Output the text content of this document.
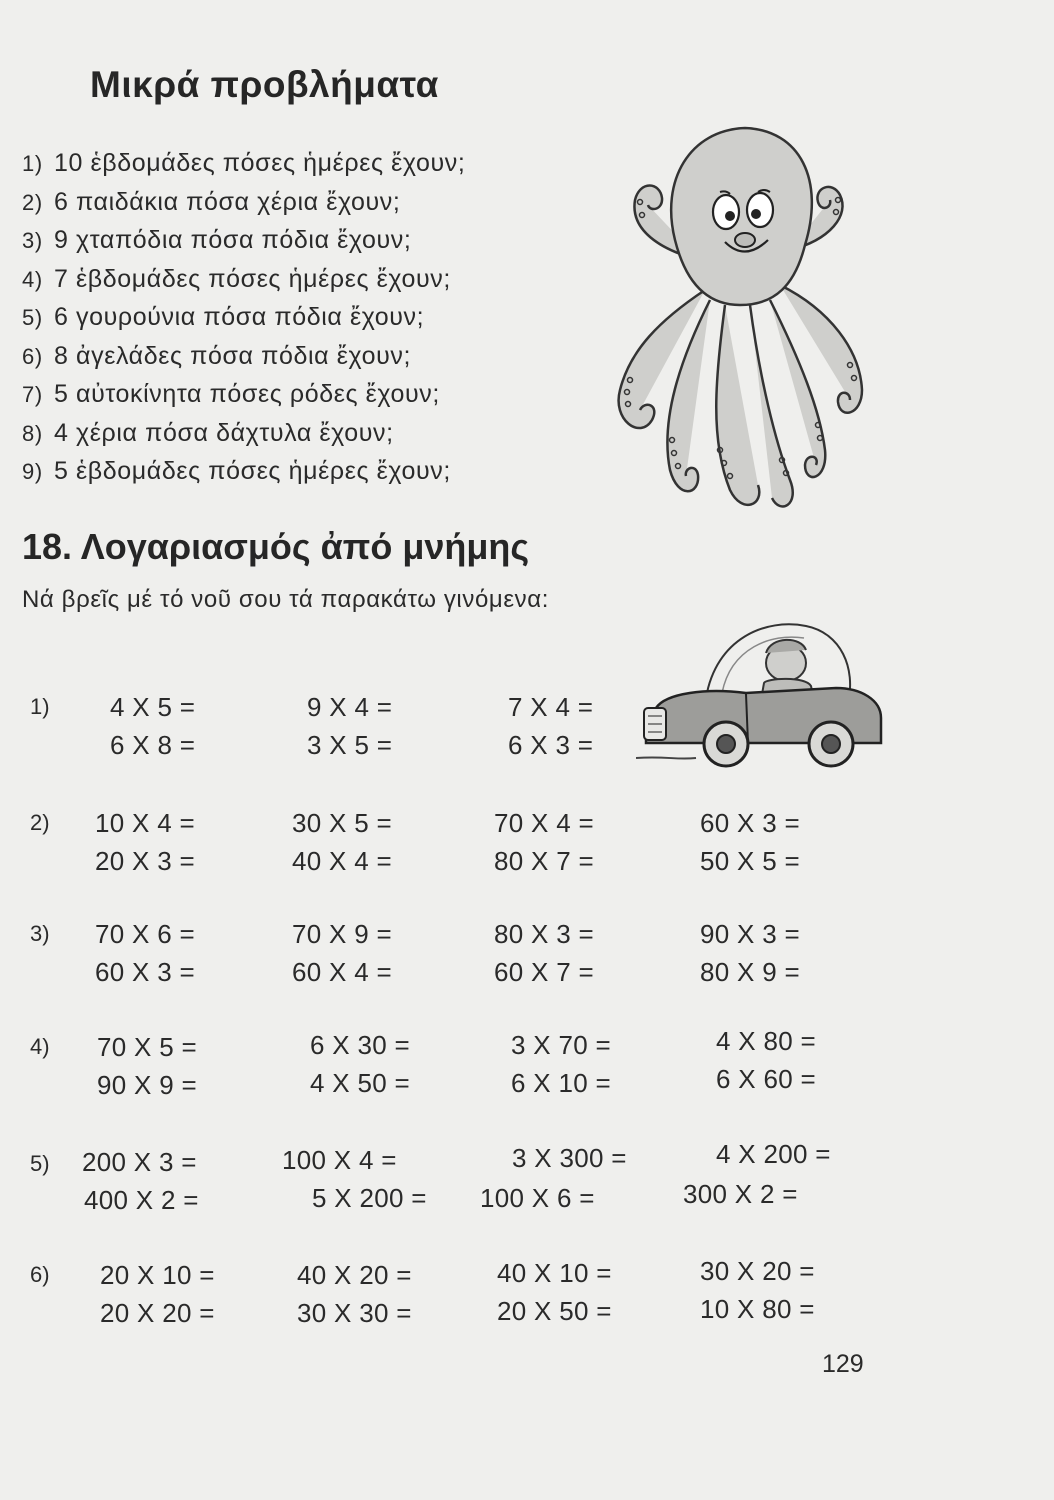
Μικρά προβλήματα
1) 10 ἑβδομάδες πόσες ἡμέρες ἔχουν;
2) 6 παιδάκια πόσα χέρια ἔχουν;
3) 9 χταπόδια πόσα πόδια ἔχουν;
4) 7 ἑβδομάδες πόσες ἡμέρες ἔχουν;
5) 6 γουρούνια πόσα πόδια ἔχουν;
6) 8 ἀγελάδες πόσα πόδια ἔχουν;
7) 5 αὐτοκίνητα πόσες ρόδες ἔχουν;
8) 4 χέρια πόσα δάχτυλα ἔχουν;
9) 5 ἑβδομάδες πόσες ἡμέρες ἔχουν;
18. Λογαριασμός ἀπό μνήμης

Νά βρεῖς μέ τό νοῦ σου τά παρακάτω γινόμενα:

1) 4 X 5 =	9 X 4 =	7 X 4 =
6 X 8 =	3 X 5 =	6 X 3 =
2) 10 X 4 =	30 X 5 =	70 X 4 =	60 X 3 =
20 X 3 =	40 X 4 =	80 X 7 =	50 X 5 =
3) 70 X 6 =	70 X 9 =	80 X 3 =	90 X 3 =
60 X 3 =	60 X 4 =	60 X 7 =	80 X 9 =
4) 70 X 5 =	6 X 30 =	3 X 70 =	4 X 80 =
90 X 9 =	4 X 50 =	6 X 10 =	6 X 60 =
5) 200 X 3 =	100 X 4 =	3 X 300 =	4 X 200 =
400 X 2 =	5 X 200 = 100 X 6 =	300 X 2 =
6) 20 X 10 =	40 X 20 =	40 X 10 =	30 X 20 =
20 X 20 =	30 X 30 =	20 X 50 =	10 X 80 =
129
